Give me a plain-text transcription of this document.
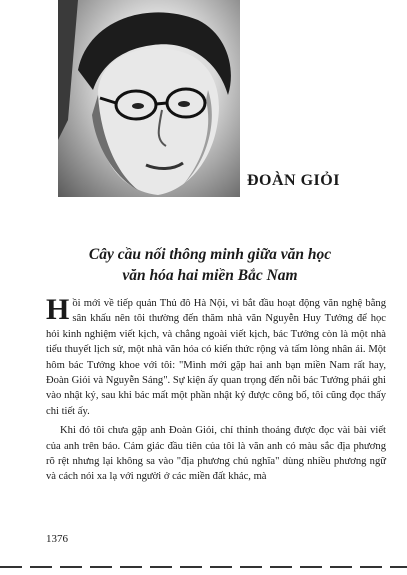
ĐOÀN GIỎI
Cây cầu nối thông minh giữa văn học
văn hóa hai miền Bắc Nam

Hồi mới về tiếp quản Thủ đô Hà Nội, vì bắt đầu hoạt động văn nghệ bằng sân khấu nên tôi thường đến thăm nhà văn Nguyễn Huy Tưởng để học hỏi kinh nghiệm viết kịch, và chẳng ngoài viết kịch, bác Tưởng còn là một nhà tiểu thuyết lịch sử, một nhà văn hóa có kiến thức rộng và tấm lòng nhân ái. Một hôm bác Tưởng khoe với tôi: "Mình mới gặp hai anh bạn miền Nam rất hay, Đoàn Giỏi và Nguyễn Sáng". Sự kiện ấy quan trọng đến nỗi bác Tưởng phải ghi vào nhật ký, sau khi bác mất một phần nhật ký được công bố, tôi cũng đọc thấy chi tiết ấy.

Khi đó tôi chưa gặp anh Đoàn Giỏi, chỉ thỉnh thoảng được đọc vài bài viết của anh trên báo. Cảm giác đầu tiên của tôi là văn anh có màu sắc địa phương rõ rệt nhưng lại không sa vào "địa phương chủ nghĩa" dùng nhiều phương ngữ và cách nói xa lạ với người ở các miền đất khác, mà

1376
